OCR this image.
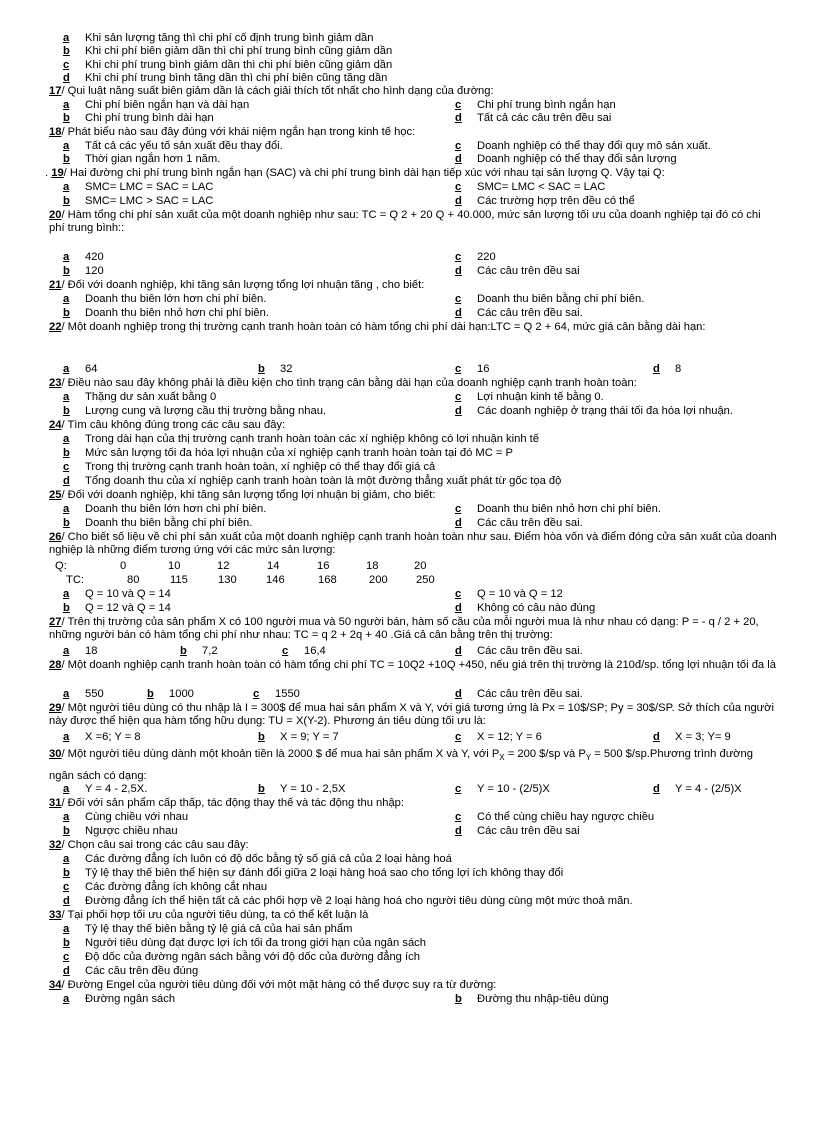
a Khi sản lượng tăng thì chi phí cố định trung bình giảm dần
b Khi chi phí biên giảm dần thì chi phí trung bình cũng giảm dần
c Khi chi phí trung bình giảm dần thì chi phí biên cũng giảm dần
d Khi chi phí trung bình tăng dần thì chi phí biên cũng tăng dần
17/ Qui luật năng suất biên giảm dần là cách giải thích tốt nhất cho hình dạng của đường:
a Chi phí biên ngắn hạn và dài hạn	c Chi phí trung bình ngắn hạn
b Chi phí trung bình dài hạn	d Tất cả các câu trên đều sai
18/ Phát biểu nào sau đây đúng với khái niệm ngắn hạn trong kinh tế học:
a Tất cả các yếu tố sản xuất đều thay đổi.	c Doanh nghiệp có thể thay đổi quy mô sản xuất.
b Thời gian ngắn hơn 1 năm.	d Doanh nghiệp có thể thay đổi sản lượng
. 19/ Hai đường chi phí trung bình ngắn hạn (SAC) và chi phí trung bình dài hạn tiếp xúc với nhau tại sản lượng Q. Vậy tại Q:
a SMC= LMC = SAC = LAC	c SMC= LMC < SAC = LAC
b SMC= LMC > SAC = LAC	d Các trường hợp trên đều có thể
20/ Hàm tổng chi phí sản xuất của một doanh nghiệp như sau: TC = Q 2 + 20 Q + 40.000, mức sản lượng tối ưu của doanh nghiệp tại đó có chi phí trung bình::
a 420	c 220
b 120	d Các câu trên đều sai
21/ Đối với doanh nghiệp, khi tăng sản lượng tổng lợi nhuận tăng , cho biết:
a Doanh thu biên lớn hơn chi phí biên.	c Doanh thu biên bằng chi phí biên.
b Doanh thu biên nhỏ hơn chi phí biên.	d Các câu trên đều sai.
22/ Một doanh nghiệp trong thị trường cạnh tranh hoàn toàn có hàm tổng chi phí dài hạn:LTC = Q 2 + 64, mức giá cân bằng dài hạn:
a 64	b 32	c 16	d 8
23/ Điều nào sau đây không phải là điều kiện cho tình trạng cân bằng dài hạn của doanh nghiệp cạnh tranh hoàn toàn:
a Thặng dư sản xuất bằng 0	c Lợi nhuận kinh tế bằng 0.
b Lượng cung và lượng cầu thị trường bằng nhau.	d Các doanh nghiệp ở trạng thái tối đa hóa lợi nhuận.
24/ Tìm câu không đúng trong các câu sau đây:
a Trong dài hạn của thị trường cạnh tranh hoàn toàn các xí nghiệp không có lợi nhuận kinh tế
b Mức sản lượng tối đa hóa lợi nhuận của xí nghiệp cạnh tranh hoàn toàn tại đó MC = P
c Trong thị trường cạnh tranh hoàn toàn, xí nghiệp có thể thay đổi giá cả
d Tổng doanh thu của xí nghiệp cạnh tranh hoàn toàn là một đường thẳng xuất phát từ gốc tọa độ
25/ Đối với doanh nghiệp, khi tăng sản lượng tổng lợi nhuận bị giảm, cho biết:
a Doanh thu biên lớn hơn chi phí biên.	c Doanh thu biên nhỏ hơn chi phí biên.
b Doanh thu biên bằng chi phí biên.	d Các câu trên đều sai.
26/ Cho biết số liệu về chi phí sản xuất của một doanh nghiệp cạnh tranh hoàn toàn như sau. Điểm hòa vốn và điểm đóng cửa sản xuất của doanh nghiệp là những điểm tương ứng với các mức sản lượng:
Q:	0	10	12	14	16	18	20
TC:	80	115	130	146	168	200	250
a Q = 10 và Q = 14	c Q = 10 và Q = 12
b Q = 12 và Q = 14	d Không có câu nào đúng
27/ Trên thị trường của sản phẩm X có 100 người mua và 50 người bán, hàm số cầu của mỗi người mua là như nhau có dạng: P = - q / 2 + 20, những người bán có hàm tổng chi phí như nhau: TC = q 2 + 2q + 40 .Giá cả cân bằng trên thị trường:
a 18	b 7,2	c 16,4	d Các câu trên đều sai.
28/ Một doanh nghiệp cạnh tranh hoàn toàn có hàm tổng chi phí TC = 10Q2 +10Q +450, nếu giá trên thị trường là 210đ/sp. tổng lợi nhuận tối đa là
a 550	b 1000	c 1550	d Các câu trên đều sai.
29/ Một người tiêu dùng có thu nhập là I = 300$ để mua hai sản phẩm X và Y, với giá tương ứng là Px = 10$/SP; Py = 30$/SP. Sở thích của người này được thể hiện qua hàm tổng hữu dụng: TU = X(Y-2). Phương án tiêu dùng tối ưu là:
a X =6; Y = 8	b X = 9; Y = 7	c X = 12; Y = 6	d X = 3; Y= 9
30/ Một người tiêu dùng dành một khoản tiền là 2000 $ để mua hai sản phẩm X và Y, với $P_X = 200$ $/sp và $P_Y = 500$ $/sp.Phương trình đường ngân sách có dạng:
a Y = 4 - 2,5X.	b Y = 10 - 2,5X	c Y = 10 - (2/5)X	d Y = 4 - (2/5)X
31/ Đối với sản phẩm cấp thấp, tác động thay thế và tác động thu nhập:
a Cùng chiều với nhau	c Có thể cùng chiều hay ngược chiều
b Ngược chiều nhau	d Các câu trên đều sai
32/ Chọn câu sai trong các câu sau đây:
a Các đường đẳng ích luôn có độ dốc bằng tỷ số giá cả của 2 loại hàng hoá
b Tỷ lệ thay thế biên thể hiện sự đánh đổi giữa 2 loại hàng hoá sao cho tổng lợi ích không thay đổi
c Các đường đẳng ích không cắt nhau
d Đường đẳng ích thể hiện tất cả các phối hợp về 2 loại hàng hoá cho người tiêu dùng cùng một mức thoả mãn.
33/ Tại phối hợp tối ưu của người tiêu dùng, ta có thể kết luận là
a Tỷ lệ thay thế biên bằng tỷ lệ giá cả của hai sản phẩm
b Người tiêu dùng đạt được lợi ích tối đa trong giới hạn của ngân sách
c Độ dốc của đường ngân sách bằng với độ dốc của đường đẳng ích
d Các câu trên đều đúng
34/ Đường Engel của người tiêu dùng đối với một mặt hàng có thể được suy ra từ đường:
a Đường ngân sách	b Đường thu nhập-tiêu dùng
